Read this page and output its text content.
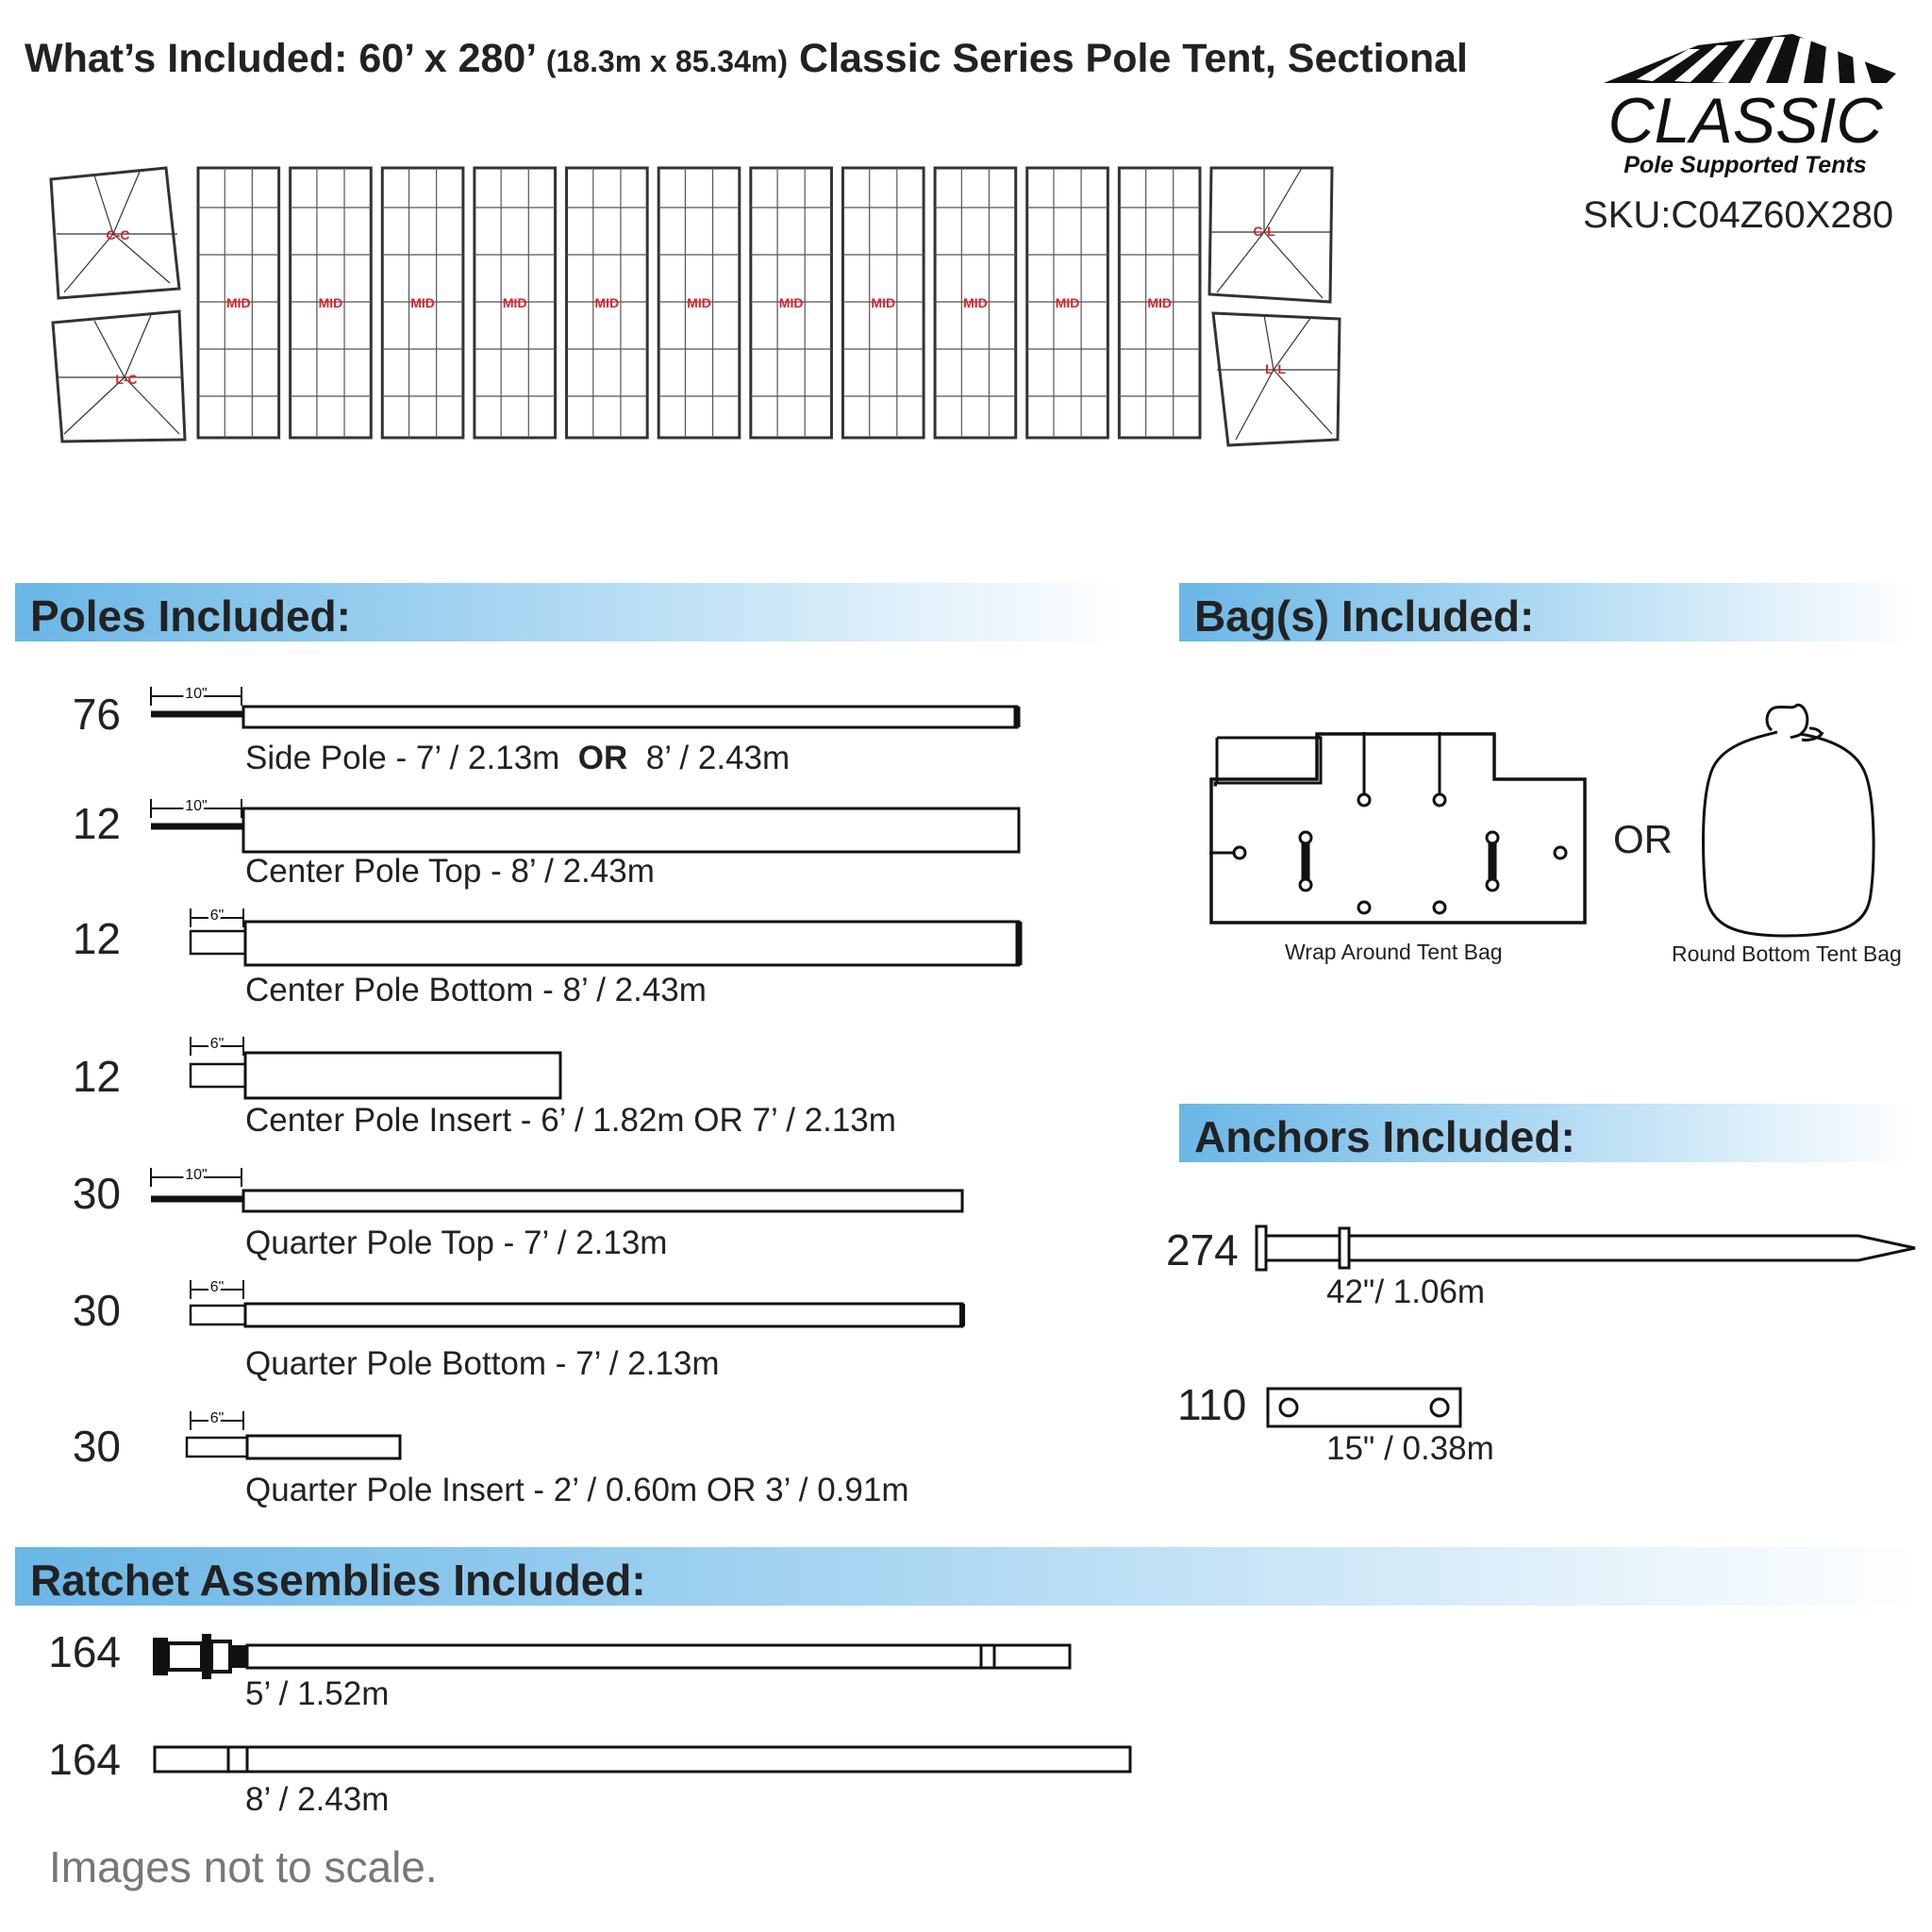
What’s Included: 60’ x 280’ (18.3m x 85.34m) Classic Series Pole Tent, Sectional
CLASSIC
Pole Supported Tents
SKU:C04Z60X280
MID	MID	MID	MID	MID	MID	MID	MID	MID	MID	MID
C-C
L-C
C-L
L-L
Poles Included:
10"
10"
6"
6"
10"
6"
6"
76
Side Pole - 7’ / 2.13m OR 8’ / 2.43m
12
Center Pole Top - 8’ / 2.43m
12
Center Pole Bottom - 8’ / 2.43m
12
Center Pole Insert - 6’ / 1.82m OR 7’ / 2.13m
30
Quarter Pole Top - 7’ / 2.13m
30
Quarter Pole Bottom - 7’ / 2.13m
30
Quarter Pole Insert - 2’ / 0.60m OR 3’ / 0.91m
Bag(s) Included:
Wrap Around Tent Bag
OR
Round Bottom Tent Bag
Anchors Included:
274
42"/ 1.06m
110
15" / 0.38m
Ratchet Assemblies Included:
164
5’ / 1.52m
164
8’ / 2.43m
Images not to scale.
